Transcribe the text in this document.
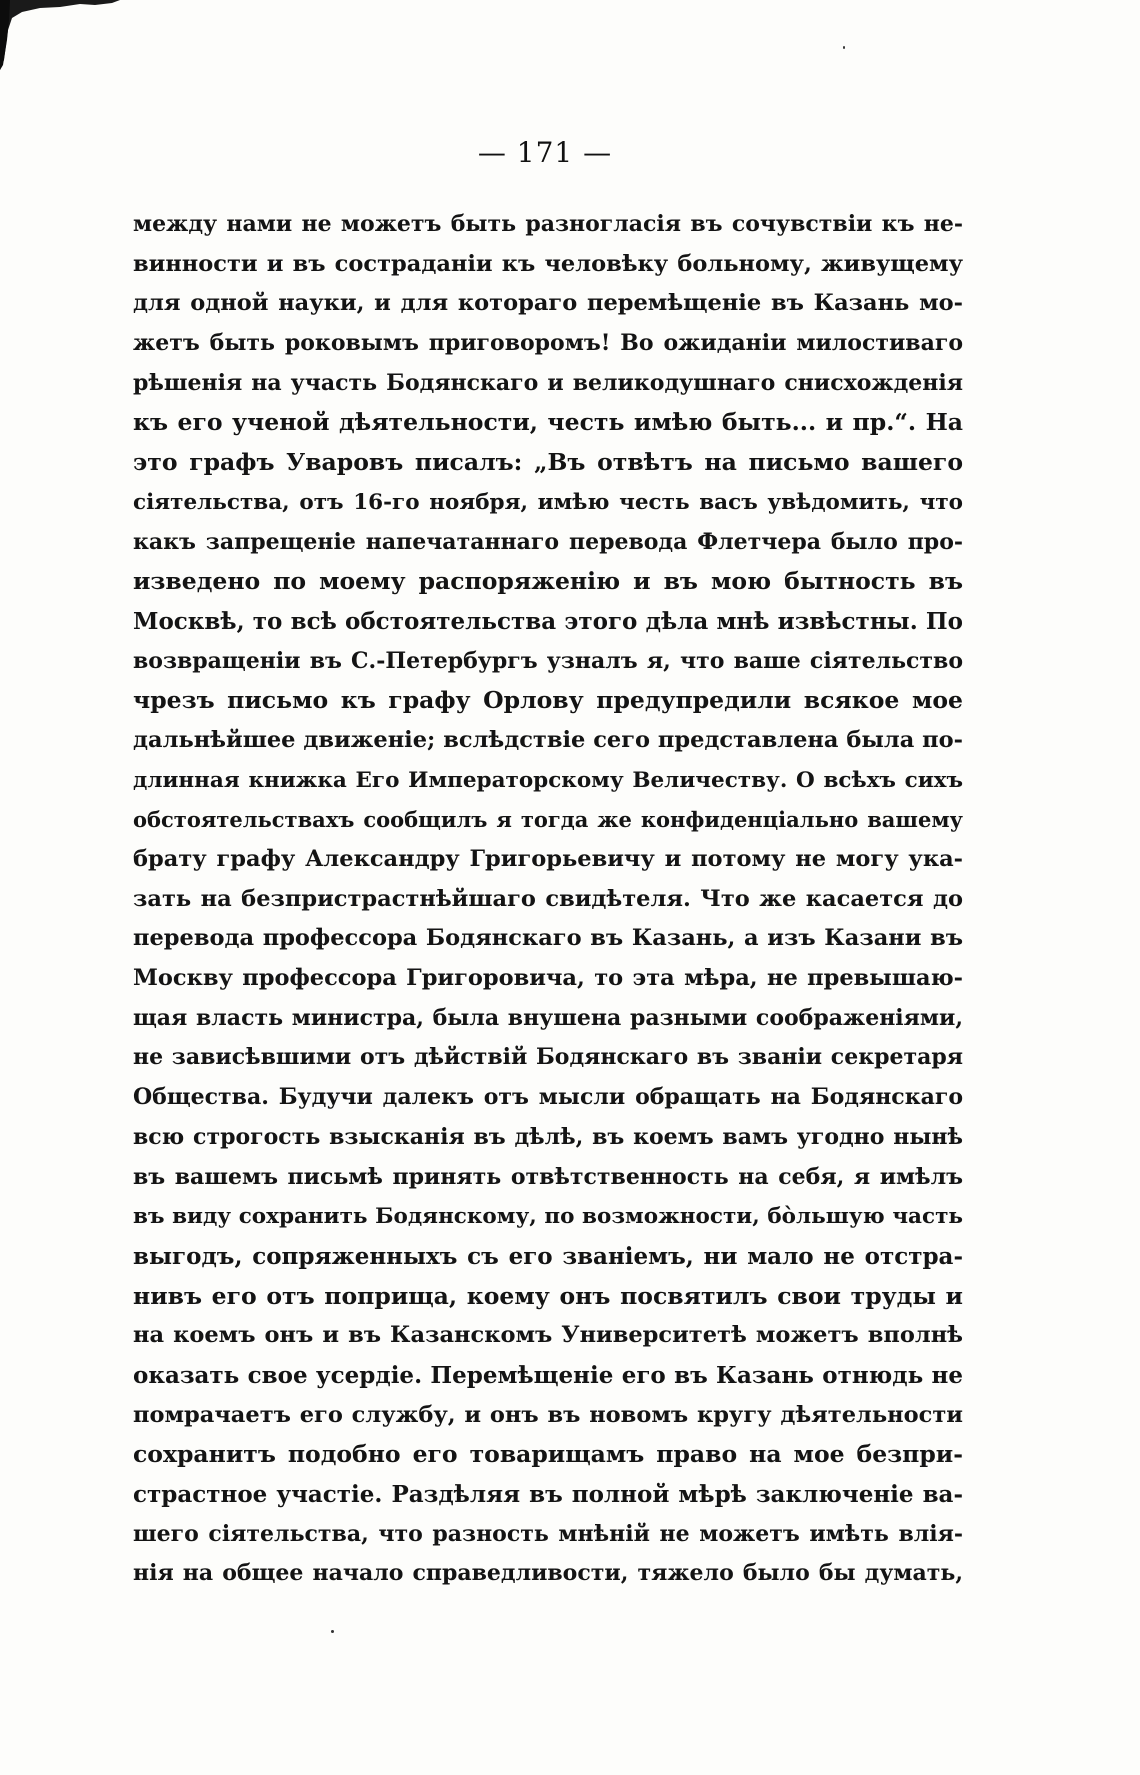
— 171 —
между нами не можетъ быть разногласія въ сочувствіи къ не-
винности и въ состраданіи къ человѣку больному, живущему
для одной науки, и для котораго перемѣщеніе въ Казань мо-
жетъ быть роковымъ приговоромъ! Во ожиданіи милостиваго
рѣшенія на участь Бодянскаго и великодушнаго снисхожденія
къ его ученой дѣятельности, честь имѣю быть... и пр.“. На
это графъ Уваровъ писалъ: „Въ отвѣтъ на письмо вашего
сіятельства, отъ 16-го ноября, имѣю честь васъ увѣдомить, что
какъ запрещеніе напечатаннаго перевода Флетчера было про-
изведено по моему распоряженію и въ мою бытность въ
Москвѣ, то всѣ обстоятельства этого дѣла мнѣ извѣстны. По
возвращеніи въ С.-Петербургъ узналъ я, что ваше сіятельство
чрезъ письмо къ графу Орлову предупредили всякое мое
дальнѣйшее движеніе; вслѣдствіе сего представлена была по-
длинная книжка Его Императорскому Величеству. О всѣхъ сихъ
обстоятельствахъ сообщилъ я тогда же конфиденціально вашему
брату графу Александру Григорьевичу и потому не могу ука-
зать на безпристрастнѣйшаго свидѣтеля. Что же касается до
перевода профессора Бодянскаго въ Казань, а изъ Казани въ
Москву профессора Григоровича, то эта мѣра, не превышаю-
щая власть министра, была внушена разными соображеніями,
не зависѣвшими отъ дѣйствій Бодянскаго въ званіи секретаря
Общества. Будучи далекъ отъ мысли обращать на Бодянскаго
всю строгость взысканія въ дѣлѣ, въ коемъ вамъ угодно нынѣ
въ вашемъ письмѣ принять отвѣтственность на себя, я имѣлъ
въ виду сохранить Бодянскому, по возможности, бо̀льшую часть
выгодъ, сопряженныхъ съ его званіемъ, ни мало не отстра-
нивъ его отъ поприща, коему онъ посвятилъ свои труды и
на коемъ онъ и въ Казанскомъ Университетѣ можетъ вполнѣ
оказать свое усердіе. Перемѣщеніе его въ Казань отнюдь не
помрачаетъ его службу, и онъ въ новомъ кругу дѣятельности
сохранитъ подобно его товарищамъ право на мое безпри-
страстное участіе. Раздѣляя въ полной мѣрѣ заключеніе ва-
шего сіятельства, что разность мнѣній не можетъ имѣть влія-
нія на общее начало справедливости, тяжело было бы думать,
